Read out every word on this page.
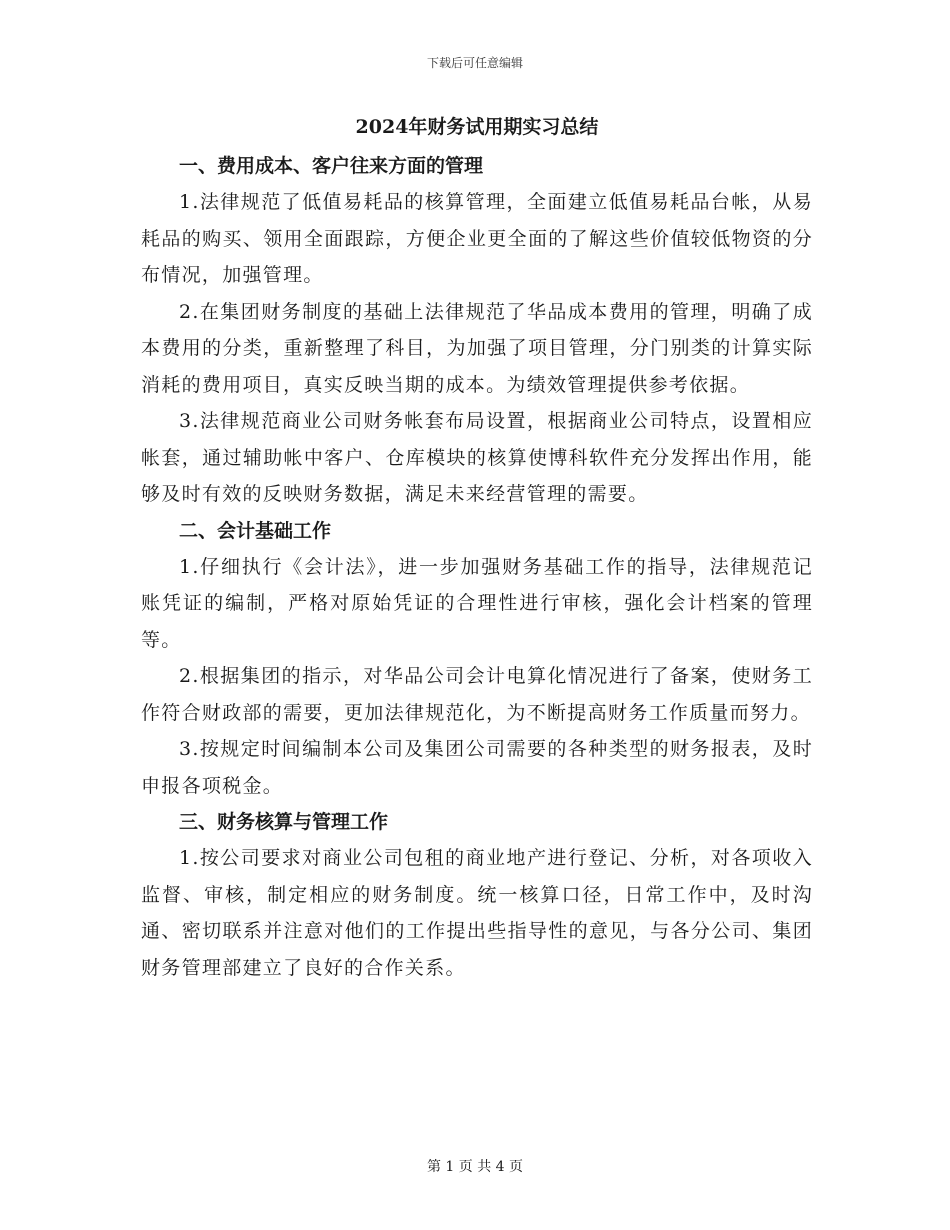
下载后可任意编辑
2024年财务试用期实习总结

一、费用成本、客户往来方面的管理

1.法律规范了低值易耗品的核算管理，全面建立低值易耗品台帐，从易耗品的购买、领用全面跟踪，方便企业更全面的了解这些价值较低物资的分布情况，加强管理。

2.在集团财务制度的基础上法律规范了华品成本费用的管理，明确了成本费用的分类，重新整理了科目，为加强了项目管理，分门别类的计算实际消耗的费用项目，真实反映当期的成本。为绩效管理提供参考依据。

3.法律规范商业公司财务帐套布局设置，根据商业公司特点，设置相应帐套，通过辅助帐中客户、仓库模块的核算使博科软件充分发挥出作用，能够及时有效的反映财务数据，满足未来经营管理的需要。

二、会计基础工作

1.仔细执行《会计法》，进一步加强财务基础工作的指导，法律规范记账凭证的编制，严格对原始凭证的合理性进行审核，强化会计档案的管理等。

2.根据集团的指示，对华品公司会计电算化情况进行了备案，使财务工作符合财政部的需要，更加法律规范化，为不断提高财务工作质量而努力。

3.按规定时间编制本公司及集团公司需要的各种类型的财务报表，及时申报各项税金。

三、财务核算与管理工作

1.按公司要求对商业公司包租的商业地产进行登记、分析，对各项收入监督、审核，制定相应的财务制度。统一核算口径，日常工作中，及时沟通、密切联系并注意对他们的工作提出些指导性的意见，与各分公司、集团财务管理部建立了良好的合作关系。

第 1 页 共 4 页
